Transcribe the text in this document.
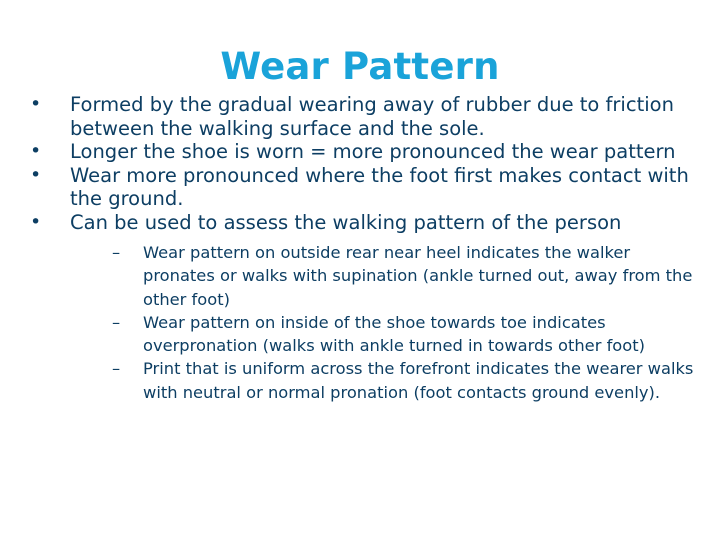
Wear Pattern
•	Formed by the gradual wearing away of rubber due to friction between the walking surface and the sole.
•	Longer the shoe is worn = more pronounced the wear pattern
•	Wear more pronounced where the foot first makes contact with the ground.
•	Can be used to assess the walking pattern of the person
–	Wear pattern on outside rear near heel indicates the walker pronates or walks with supination (ankle turned out, away from the other foot)
–	Wear pattern on inside of the shoe towards toe indicates overpronation (walks with ankle turned in towards other foot)
–	Print that is uniform across the forefront indicates the wearer walks with neutral or normal pronation (foot contacts ground evenly).
